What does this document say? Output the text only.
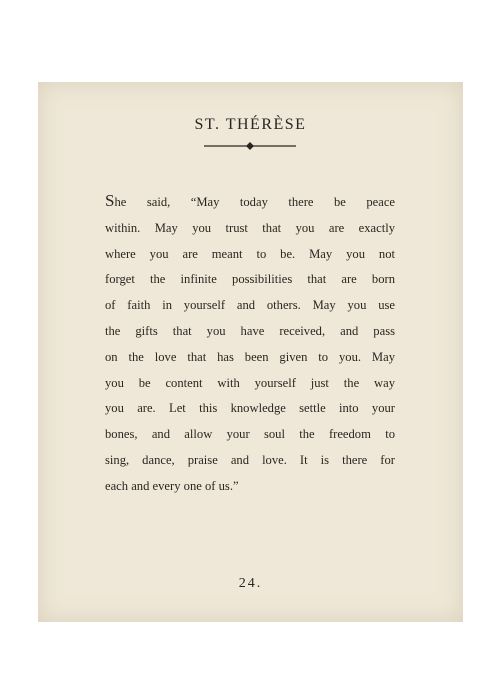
ST. THÉRÈSE
She said, “May today there be peace
within. May you trust that you are exactly
where you are meant to be. May you not
forget the infinite possibilities that are born
of faith in yourself and others. May you use
the gifts that you have received, and pass
on the love that has been given to you. May
you be content with yourself just the way
you are. Let this knowledge settle into your
bones, and allow your soul the freedom to
sing, dance, praise and love. It is there for
each and every one of us.”
24.
